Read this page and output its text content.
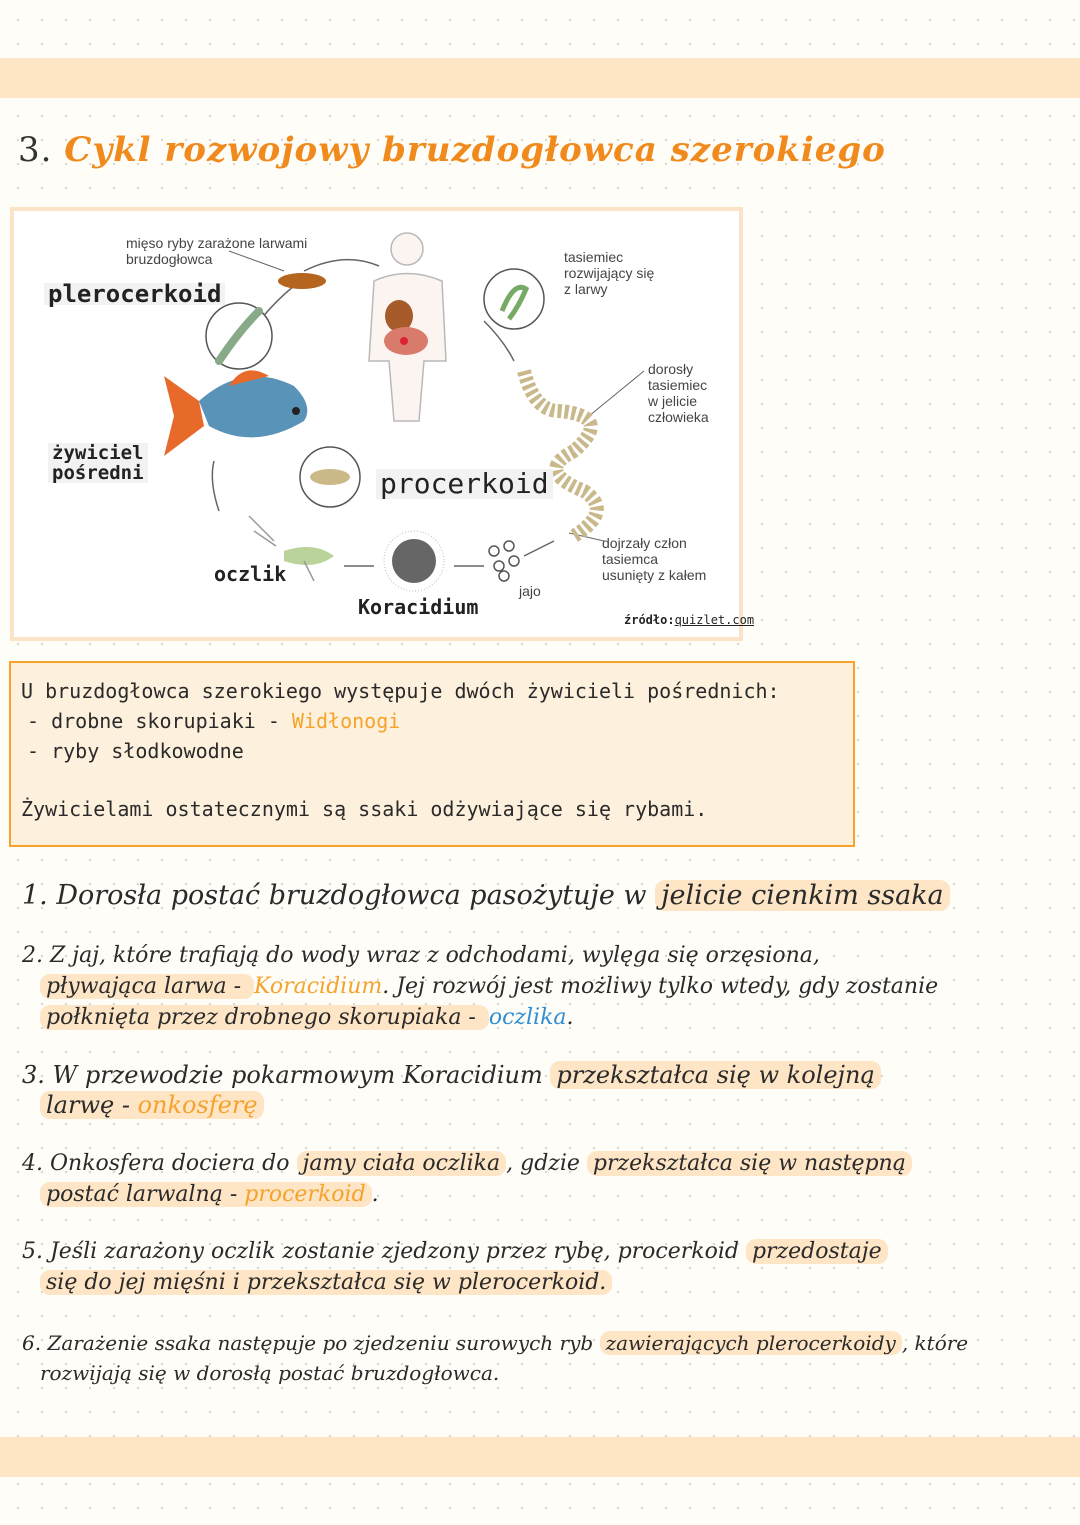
3. Cykl rozwojowy bruzdogłowca szerokiego
mięso ryby zarażone larwami
bruzdogłowca	tasiemiec
rozwijający się
z larwy
dorosły
tasiemiec
w jelicie
człowieka
dojrzały człon
tasiemca
usunięty z kałem
jajo
plerocerkoid
żywiciel
pośredni	procerkoid
oczlik
Koracidium
źródło:quizlet.com
U bruzdogłowca szerokiego występuje dwóch żywicieli pośrednich:
- drobne skorupiaki - Widłonogi
- ryby słodkowodne
Żywicielami ostatecznymi są ssaki odżywiające się rybami.
1. Dorosła postać bruzdogłowca pasożytuje w jelicie cienkim ssaka
2. Z jaj, które trafiają do wody wraz z odchodami, wylęga się orzęsiona,
pływająca larwa - Koracidium. Jej rozwój jest możliwy tylko wtedy, gdy zostanie
połknięta przez drobnego skorupiaka - oczlika.
3. W przewodzie pokarmowym Koracidium przekształca się w kolejną
larwę - onkosferę
4. Onkosfera dociera do jamy ciała oczlika , gdzie przekształca się w następną
postać larwalną - procerkoid .
5. Jeśli zarażony oczlik zostanie zjedzony przez rybę, procerkoid przedostaje
się do jej mięśni i przekształca się w plerocerkoid.
6. Zarażenie ssaka następuje po zjedzeniu surowych ryb zawierających plerocerkoidy , które
rozwijają się w dorosłą postać bruzdogłowca.
